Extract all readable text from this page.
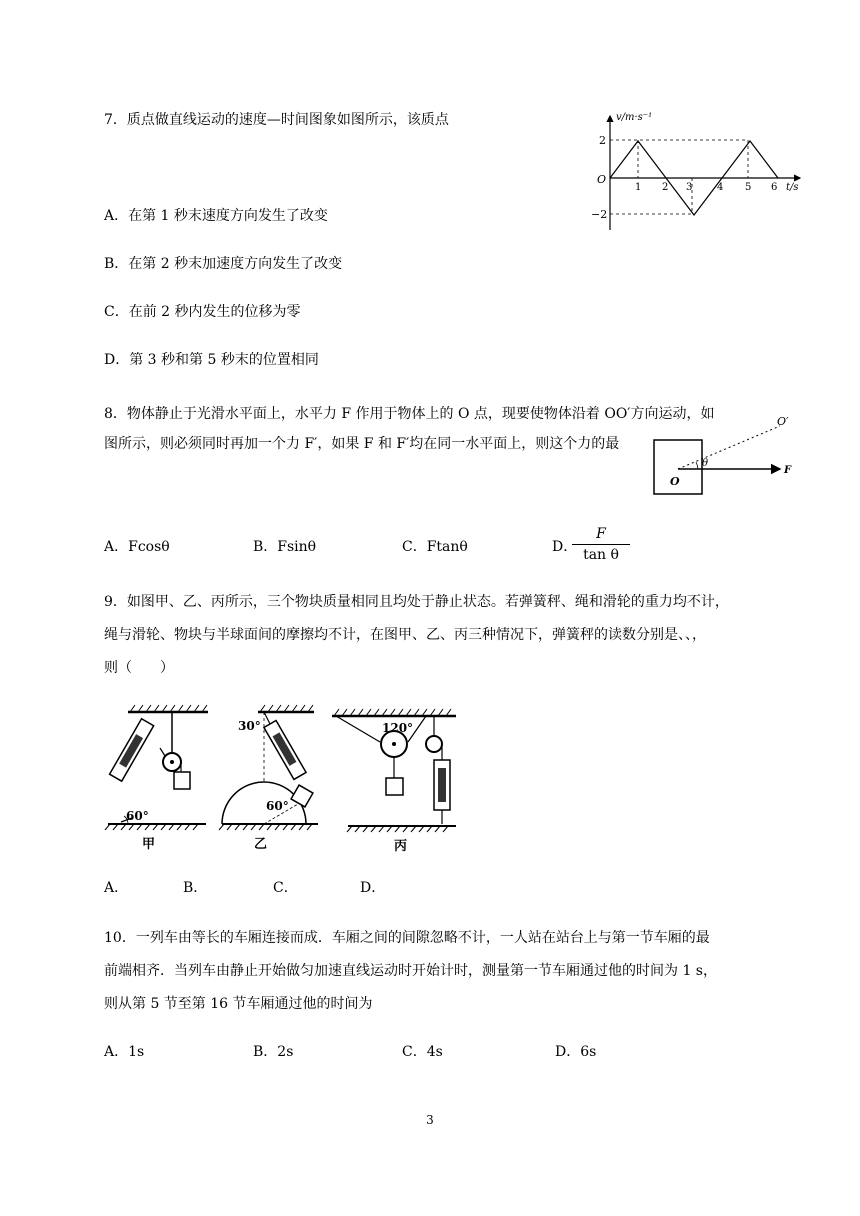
7．质点做直线运动的速度—时间图象如图所示，该质点
A．在第 1 秒末速度方向发生了改变
B．在第 2 秒末加速度方向发生了改变
C．在前 2 秒内发生的位移为零
D．第 3 秒和第 5 秒末的位置相同
v/m·s⁻¹
O
2
−2
1 2 3 4 5 6 t/s
8．物体静止于光滑水平面上，水平力 F 作用于物体上的 O 点，现要使物体沿着 OO′方向运动，如
图所示，则必须同时再加一个力 F′，如果 F 和 F′均在同一水平面上，则这个力的最
O
θ
F
O′
A．Fcosθ	B．Fsinθ	C．Ftanθ	D．
F
tan θ
9．如图甲、乙、丙所示，三个物块质量相同且均处于静止状态。若弹簧秤、绳和滑轮的重力均不计，
绳与滑轮、物块与半球面间的摩擦均不计，在图甲、乙、丙三种情况下，弹簧秤的读数分别是、、，
则（　　）
60°
甲
30°
60°
乙
120°
丙
A．	B．	C．	D．
10．一列车由等长的车厢连接而成．车厢之间的间隙忽略不计，一人站在站台上与第一节车厢的最
前端相齐．当列车由静止开始做匀加速直线运动时开始计时，测量第一节车厢通过他的时间为 1 s，
则从第 5 节至第 16 节车厢通过他的时间为
A．1s	B．2s	C．4s	D．6s
3
